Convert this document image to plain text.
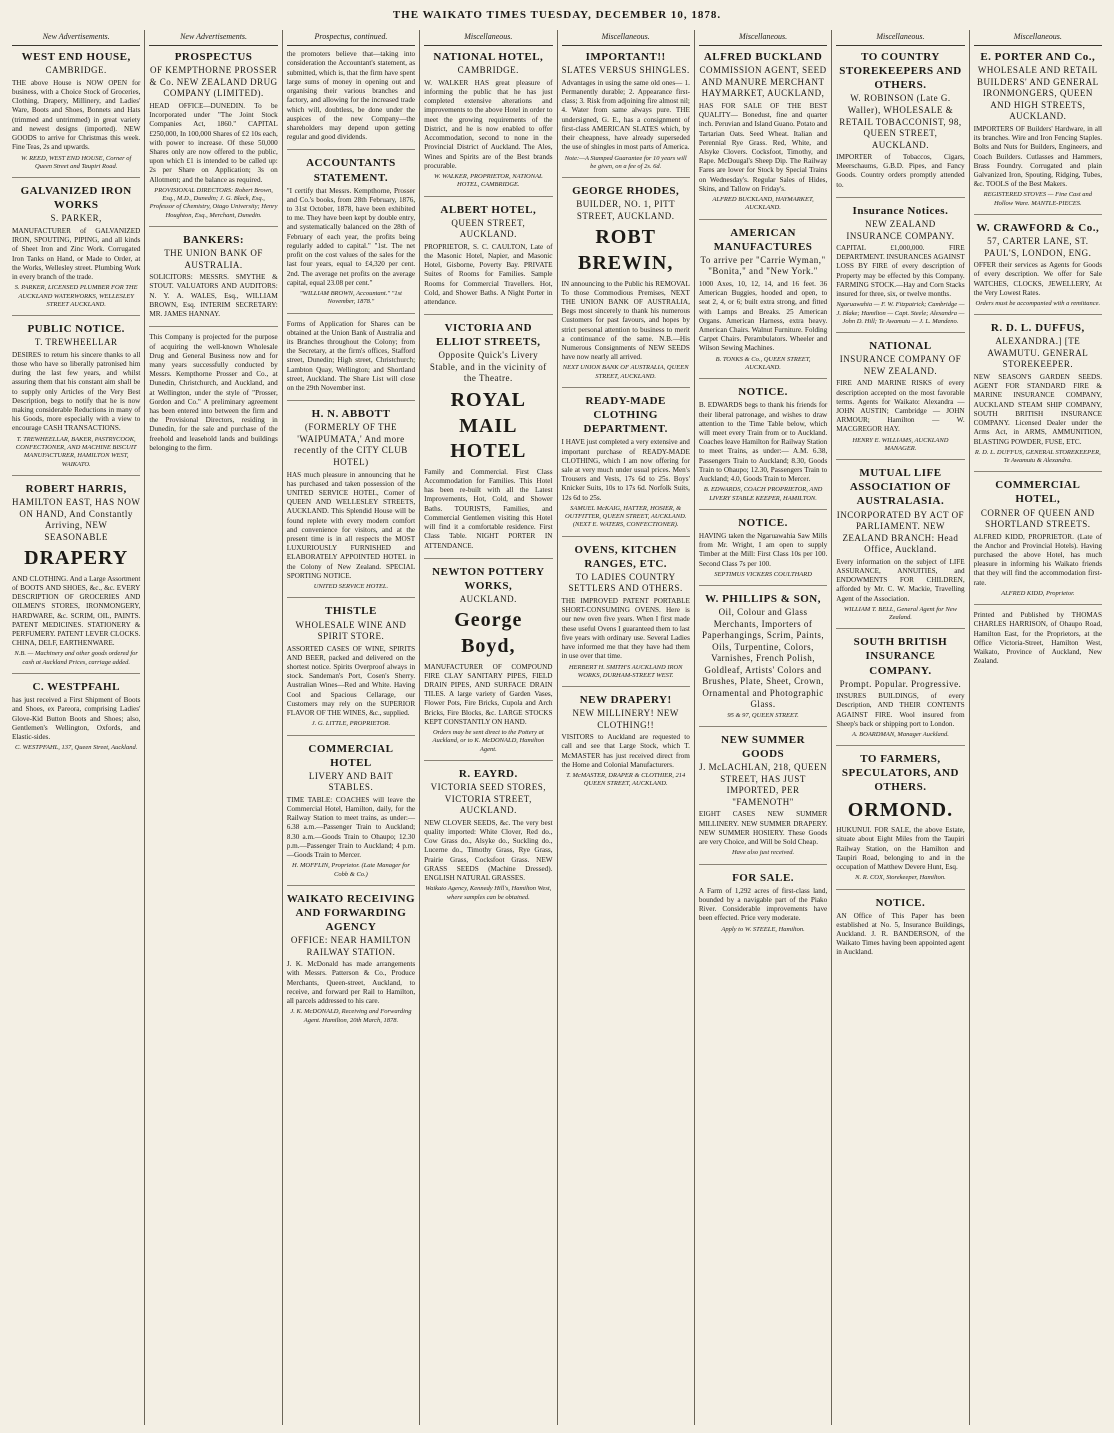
THE WAIKATO TIMES TUESDAY, DECEMBER 10, 1878.
New Advertisements.
WEST END HOUSE,
CAMBRIDGE.
THE above House is NOW OPEN for business, with a Choice Stock of Groceries, Clothing, Drapery, Millinery, and Ladies' Ware, Boots and Shoes, Bonnets and Hats (trimmed and untrimmed) in great variety and newest designs (imported). NEW GOODS to arrive for Christmas this week. Fine Teas, 2s and upwards.
W. REED, WEST END HOUSE, Corner of Queen Street and Taupiri Road.
GALVANIZED IRON WORKS
S. PARKER,
MANUFACTURER of GALVANIZED IRON, SPOUTING, PIPING, and all kinds of Sheet Iron and Zinc Work. Corrugated Iron Tanks on Hand, or Made to Order, at the Works, Wellesley street. Plumbing Work in every branch of the trade.
S. PARKER, LICENSED PLUMBER FOR THE AUCKLAND WATERWORKS, WELLESLEY STREET AUCKLAND.
PUBLIC NOTICE.
T. TREWHEELLAR
DESIRES to return his sincere thanks to all those who have so liberally patronised him during the last few years, and whilst assuring them that his constant aim shall be to supply only Articles of the Very Best Description, begs to notify that he is now making considerable Reductions in many of his Goods, more especially with a view to encourage CASH TRANSACTIONS.
T. TREWHEELLAR, BAKER, PASTRYCOOK, CONFECTIONER, AND MACHINE BISCUIT MANUFACTURER, HAMILTON WEST, WAIKATO.
ROBERT HARRIS,
HAMILTON EAST, HAS NOW ON HAND, And Constantly Arriving, NEW SEASONABLE
DRAPERY
AND CLOTHING. And a Large Assortment of BOOTS AND SHOES, &c., &c. EVERY DESCRIPTION OF GROCERIES AND OILMEN'S STORES, IRONMONGERY, HARDWARE, &c. SCRIM, OIL, PAINTS. PATENT MEDICINES. STATIONERY & PERFUMERY. PATENT LEVER CLOCKS. CHINA, DELF, EARTHENWARE.
N.B. — Machinery and other goods ordered for cash at Auckland Prices, carriage added.
C. WESTPFAHL
has just received a First Shipment of Boots and Shoes, ex Pareora, comprising Ladies' Glove-Kid Button Boots and Shoes; also, Gentlemen's Wellington, Oxfords, and Elastic-sides.
C. WESTPFAHL, 137, Queen Street, Auckland.
New Advertisements.
PROSPECTUS
OF KEMPTHORNE PROSSER & Co. NEW ZEALAND DRUG COMPANY (LIMITED).
HEAD OFFICE—DUNEDIN. To be Incorporated under "The Joint Stock Companies Act, 1860." CAPITAL £250,000, In 100,000 Shares of £2 10s each, with power to increase. Of these 50,000 Shares only are now offered to the public, upon which £1 is intended to be called up: 2s per Share on Application; 3s on Allotment; and the balance as required.
PROVISIONAL DIRECTORS: Robert Brown, Esq., M.D., Dunedin; J. G. Black, Esq., Professor of Chemistry, Otago University; Henry Houghton, Esq., Merchant, Dunedin.
BANKERS:
THE UNION BANK OF AUSTRALIA.
SOLICITORS: MESSRS. SMYTHE & STOUT. VALUATORS AND AUDITORS: N. Y. A. WALES, Esq., WILLIAM BROWN, Esq. INTERIM SECRETARY: MR. JAMES HANNAY.
This Company is projected for the purpose of acquiring the well-known Wholesale Drug and General Business now and for many years successfully conducted by Messrs. Kempthorne Prosser and Co., at Dunedin, Christchurch, and Auckland, and at Wellington, under the style of "Prosser, Gordon and Co." A preliminary agreement has been entered into between the firm and the Provisional Directors, residing in Dunedin, for the sale and purchase of the freehold and leasehold lands and buildings belonging to the firm.
Prospectus, continued.
the promoters believe that—taking into consideration the Accountant's statement, as submitted, which is, that the firm have spent large sums of money in opening out and organising their various branches and factory, and allowing for the increased trade which will, doubtless, be done under the auspices of the new Company—the shareholders may depend upon getting regular and good dividends.
ACCOUNTANTS STATEMENT.
"I certify that Messrs. Kempthorne, Prosser and Co.'s books, from 28th February, 1876, to 31st October, 1878, have been exhibited to me. They have been kept by double entry, and systematically balanced on the 28th of February of each year, the profits being regularly added to capital." "1st. The net profit on the cost values of the sales for the last four years, equal to £4,320 per cent. 2nd. The average net profits on the average capital, equal 23.08 per cent."
"WILLIAM BROWN, Accountant." "1st November, 1878."
Forms of Application for Shares can be obtained at the Union Bank of Australia and its Branches throughout the Colony; from the Secretary, at the firm's offices, Stafford street, Dunedin; High street, Christchurch; Lambton Quay, Wellington; and Shortland street, Auckland. The Share List will close on the 29th November inst.
H. N. ABBOTT
(FORMERLY OF THE 'WAIPUMATA,' And more recently of the CITY CLUB HOTEL)
HAS much pleasure in announcing that he has purchased and taken possession of the UNITED SERVICE HOTEL, Corner of QUEEN AND WELLESLEY STREETS, AUCKLAND. This Splendid House will be found replete with every modern comfort and convenience for visitors, and at the present time is in all respects the MOST LUXURIOUSLY FURNISHED and ELABORATELY APPOINTED HOTEL in the Colony of New Zealand. SPECIAL SPORTING NOTICE.
UNITED SERVICE HOTEL.
THISTLE
WHOLESALE WINE AND SPIRIT STORE.
ASSORTED CASES OF WINE, SPIRITS AND BEER, packed and delivered on the shortest notice. Spirits Overproof always in stock. Sandeman's Port, Cosen's Sherry. Australian Wines—Red and White. Having Cool and Spacious Cellarage, our Customers may rely on the SUPERIOR FLAVOR OF THE WINES, &c., supplied.
J. G. LITTLE, PROPRIETOR.
COMMERCIAL HOTEL
LIVERY AND BAIT STABLES.
TIME TABLE: COACHES will leave the Commercial Hotel, Hamilton, daily, for the Railway Station to meet trains, as under:— 6.38 a.m.—Passenger Train to Auckland; 8.30 a.m.—Goods Train to Ohaupo; 12.30 p.m.—Passenger Train to Auckland; 4 p.m.—Goods Train to Mercer.
H. MOFFLIN, Proprietor. (Late Manager for Cobb & Co.)
WAIKATO RECEIVING AND FORWARDING AGENCY
OFFICE: NEAR HAMILTON RAILWAY STATION.
J. K. McDonald has made arrangements with Messrs. Patterson & Co., Produce Merchants, Queen-street, Auckland, to receive, and forward per Rail to Hamilton, all parcels addressed to his care.
J. K. McDONALD, Receiving and Forwarding Agent. Hamilton, 20th March, 1878.
Miscellaneous.
NATIONAL HOTEL,
CAMBRIDGE.
W. WALKER HAS great pleasure of informing the public that he has just completed extensive alterations and improvements to the above Hotel in order to meet the growing requirements of the District, and he is now enabled to offer Accommodation, second to none in the Provincial District of Auckland. The Ales, Wines and Spirits are of the Best brands procurable.
W. WALKER, PROPRIETOR, NATIONAL HOTEL, CAMBRIDGE.
ALBERT HOTEL,
QUEEN STREET, AUCKLAND.
PROPRIETOR, S. C. CAULTON, Late of the Masonic Hotel, Napier, and Masonic Hotel, Gisborne, Poverty Bay. PRIVATE Suites of Rooms for Families. Sample Rooms for Commercial Travellers. Hot, Cold, and Shower Baths. A Night Porter in attendance.
VICTORIA AND ELLIOT STREETS,
Opposite Quick's Livery Stable, and in the vicinity of the Theatre.
ROYAL MAIL HOTEL
Family and Commercial. First Class Accommodation for Families. This Hotel has been re-built with all the Latest Improvements, Hot, Cold, and Shower Baths. TOURISTS, Families, and Commercial Gentlemen visiting this Hotel will find it a comfortable residence. First Class Table. NIGHT PORTER IN ATTENDANCE.
NEWTON POTTERY WORKS,
AUCKLAND.
George Boyd,
MANUFACTURER OF COMPOUND FIRE CLAY SANITARY PIPES, FIELD DRAIN PIPES, AND SURFACE DRAIN TILES. A large variety of Garden Vases, Flower Pots, Fire Bricks, Cupola and Arch Bricks, Fire Blocks, &c. LARGE STOCKS KEPT CONSTANTLY ON HAND.
Orders may be sent direct to the Pottery at Auckland, or to K. McDONALD, Hamilton Agent.
R. EAYRD.
VICTORIA SEED STORES, VICTORIA STREET, AUCKLAND.
NEW CLOVER SEEDS, &c. The very best quality imported: White Clover, Red do., Cow Grass do., Alsyke do., Suckling do., Lucerne do., Timothy Grass, Rye Grass, Prairie Grass, Cocksfoot Grass. NEW GRASS SEEDS (Machine Dressed). ENGLISH NATURAL GRASSES.
Waikato Agency, Kennedy Hill's, Hamilton West, where samples can be obtained.
Miscellaneous.
IMPORTANT!!
SLATES VERSUS SHINGLES.
Advantages in using the same old ones— 1. Permanently durable; 2. Appearance first-class; 3. Risk from adjoining fire almost nil; 4. Water from same always pure. THE undersigned, G. E., has a consignment of first-class AMERICAN SLATES which, by their cheapness, have already superseded the use of shingles in most parts of America.
Note:—A Stamped Guarantee for 10 years will be given, on a fee of 2s. 6d.
GEORGE RHODES,
BUILDER, NO. 1, PITT STREET, AUCKLAND.
ROBT BREWIN,
IN announcing to the Public his REMOVAL To those Commodious Premises, NEXT THE UNION BANK OF AUSTRALIA, Begs most sincerely to thank his numerous Customers for past favours, and hopes by strict personal attention to business to merit a continuance of the same. N.B.—His Numerous Consignments of NEW SEEDS have now nearly all arrived.
NEXT UNION BANK OF AUSTRALIA, QUEEN STREET, AUCKLAND.
READY-MADE CLOTHING DEPARTMENT.
I HAVE just completed a very extensive and important purchase of READY-MADE CLOTHING, which I am now offering for sale at very much under usual prices. Men's Trousers and Vests, 17s 6d to 25s. Boys' Knicker Suits, 10s to 17s 6d. Norfolk Suits, 12s 6d to 25s.
SAMUEL McKAIG, HATTER, HOSIER, & OUTFITTER, QUEEN STREET, AUCKLAND. (NEXT E. WATERS, CONFECTIONER).
OVENS, KITCHEN RANGES, ETC.
TO LADIES COUNTRY SETTLERS AND OTHERS.
THE IMPROVED PATENT PORTABLE SHORT-CONSUMING OVENS. Here is our new oven five years. When I first made these useful Ovens I guaranteed them to last five years with ordinary use. Several Ladies have informed me that they have had them in use over that time.
HERBERT H. SMITH'S AUCKLAND IRON WORKS, DURHAM-STREET WEST.
NEW DRAPERY!
NEW MILLINERY! NEW CLOTHING!!
VISITORS to Auckland are requested to call and see that Large Stock, which T. McMASTER has just received direct from the Home and Colonial Manufacturers.
T. McMASTER, DRAPER & CLOTHIER, 214 QUEEN STREET, AUCKLAND.
Miscellaneous.
ALFRED BUCKLAND
COMMISSION AGENT, SEED AND MANURE MERCHANT HAYMARKET, AUCKLAND,
HAS FOR SALE OF THE BEST QUALITY— Bonedust, fine and quarter inch. Peruvian and Island Guano. Potato and Tartarian Oats. Seed Wheat. Italian and Perennial Rye Grass. Red, White, and Alsyke Clovers. Cocksfoot, Timothy, and Rape. McDougal's Sheep Dip. The Railway Fares are lower for Stock by Special Trains on Wednesday's. Regular Sales of Hides, Skins, and Tallow on Friday's.
ALFRED BUCKLAND, HAYMARKET, AUCKLAND.
AMERICAN MANUFACTURES
To arrive per "Carrie Wyman," "Bonita," and "New York."
1000 Axes, 10, 12, 14, and 16 feet. 36 American Buggies, hooded and open, to seat 2, 4, or 6; built extra strong, and fitted with Lamps and Breaks. 25 American Organs. American Harness, extra heavy. American Chairs. Walnut Furniture. Folding Carpet Chairs. Perambulators. Wheeler and Wilson Sewing Machines.
B. TONKS & Co., QUEEN STREET, AUCKLAND.
NOTICE.
B. EDWARDS begs to thank his friends for their liberal patronage, and wishes to draw attention to the Time Table below, which will meet every Train from or to Auckland. Coaches leave Hamilton for Railway Station to meet Trains, as under:— A.M. 6.38, Passengers Train to Auckland; 8.30, Goods Train to Ohaupo; 12.30, Passengers Train to Auckland; 4.0, Goods Train to Mercer.
B. EDWARDS, COACH PROPRIETOR, AND LIVERY STABLE KEEPER, HAMILTON.
NOTICE.
HAVING taken the Ngaruawahia Saw Mills from Mr. Wright, I am open to supply Timber at the Mill: First Class 10s per 100. Second Class 7s per 100.
SEPTIMUS VICKERS COULTHARD
W. PHILLIPS & SON,
Oil, Colour and Glass Merchants, Importers of Paperhangings, Scrim, Paints, Oils, Turpentine, Colors, Varnishes, French Polish, Goldleaf, Artists' Colors and Brushes, Plate, Sheet, Crown, Ornamental and Photographic Glass.
95 & 97, QUEEN STREET.
NEW SUMMER GOODS
J. McLACHLAN, 218, QUEEN STREET, HAS JUST IMPORTED, PER "FAMENOTH"
EIGHT CASES NEW SUMMER MILLINERY. NEW SUMMER DRAPERY. NEW SUMMER HOSIERY. These Goods are very Choice, and Will be Sold Cheap.
Have also just received.
FOR SALE.
A Farm of 1,292 acres of first-class land, bounded by a navigable part of the Piako River. Considerable improvements have been effected. Price very moderate.
Apply to W. STEELE, Hamilton.
Miscellaneous.
TO COUNTRY STOREKEEPERS AND OTHERS.
W. ROBINSON (Late G. Waller), WHOLESALE & RETAIL TOBACCONIST, 98, QUEEN STREET, AUCKLAND.
IMPORTER of Tobaccos, Cigars, Meerschaums, G.B.D. Pipes, and Fancy Goods. Country orders promptly attended to.
Insurance Notices.
NEW ZEALAND INSURANCE COMPANY.
CAPITAL £1,000,000. FIRE DEPARTMENT. INSURANCES AGAINST LOSS BY FIRE of every description of Property may be effected by this Company. FARMING STOCK.—Hay and Corn Stacks insured for three, six, or twelve months.
Ngaruawahia — F. W. Fitzpatrick; Cambridge — J. Blake; Hamilton — Capt. Steele; Alexandra — John D. Hill; Te Awamutu — J. L. Mandeno.
NATIONAL
INSURANCE COMPANY OF NEW ZEALAND.
FIRE AND MARINE RISKS of every description accepted on the most favorable terms. Agents for Waikato: Alexandra — JOHN AUSTIN; Cambridge — JOHN ARMOUR; Hamilton — W. MACGREGOR HAY.
HENRY E. WILLIAMS, AUCKLAND MANAGER.
MUTUAL LIFE ASSOCIATION OF AUSTRALASIA.
INCORPORATED BY ACT OF PARLIAMENT. NEW ZEALAND BRANCH: Head Office, Auckland.
Every information on the subject of LIFE ASSURANCE, ANNUITIES, and ENDOWMENTS FOR CHILDREN, afforded by Mr. C. W. Mackie, Travelling Agent of the Association.
WILLIAM T. BELL, General Agent for New Zealand.
SOUTH BRITISH INSURANCE COMPANY.
Prompt. Popular. Progressive.
INSURES BUILDINGS, of every Description, AND THEIR CONTENTS AGAINST FIRE. Wool insured from Sheep's back or shipping port to London.
A. BOARDMAN, Manager Auckland.
TO FARMERS, SPECULATORS, AND OTHERS.
ORMOND.
HUKUNUI. FOR SALE, the above Estate, situate about Eight Miles from the Taupiri Railway Station, on the Hamilton and Taupiri Road, belonging to and in the occupation of Matthew Devere Hunt, Esq.
N. R. COX, Storekeeper, Hamilton.
NOTICE.
AN Office of This Paper has been established at No. 5, Insurance Buildings, Auckland. J. R. BANDERSON, of the Waikato Times having been appointed agent in Auckland.
Miscellaneous.
E. PORTER AND Co.,
WHOLESALE AND RETAIL BUILDERS' AND GENERAL IRONMONGERS, QUEEN AND HIGH STREETS, AUCKLAND.
IMPORTERS OF Builders' Hardware, in all its branches. Wire and Iron Fencing Staples. Bolts and Nuts for Builders, Engineers, and Coach Builders. Cutlasses and Hammers, Brass Foundry. Corrugated and plain Galvanized Iron, Spouting, Ridging, Tubes, &c. TOOLS of the Best Makers.
REGISTERED STOVES — Fine Cast and Hollow Ware. MANTLE-PIECES.
W. CRAWFORD & Co.,
57, CARTER LANE, ST. PAUL'S, LONDON, ENG.
OFFER their services as Agents for Goods of every description. We offer for Sale WATCHES, CLOCKS, JEWELLERY, At the Very Lowest Rates.
Orders must be accompanied with a remittance.
R. D. L. DUFFUS,
ALEXANDRA.] [TE AWAMUTU. GENERAL STOREKEEPER.
NEW SEASON'S GARDEN SEEDS. AGENT FOR STANDARD FIRE & MARINE INSURANCE COMPANY, AUCKLAND STEAM SHIP COMPANY, SOUTH BRITISH INSURANCE COMPANY. Licensed Dealer under the Arms Act, in ARMS, AMMUNITION, BLASTING POWDER, FUSE, ETC.
R. D. L. DUFFUS, GENERAL STOREKEEPER, Te Awamutu & Alexandra.
COMMERCIAL HOTEL,
CORNER OF QUEEN AND SHORTLAND STREETS.
ALFRED KIDD, PROPRIETOR. (Late of the Anchor and Provincial Hotels). Having purchased the above Hotel, has much pleasure in informing his Waikato friends that they will find the accommodation first-rate.
ALFRED KIDD, Proprietor.
Printed and Published by THOMAS CHARLES HARRISON, of Ohaupo Road, Hamilton East, for the Proprietors, at the Office Victoria-Street, Hamilton West, Waikato, Province of Auckland, New Zealand.
